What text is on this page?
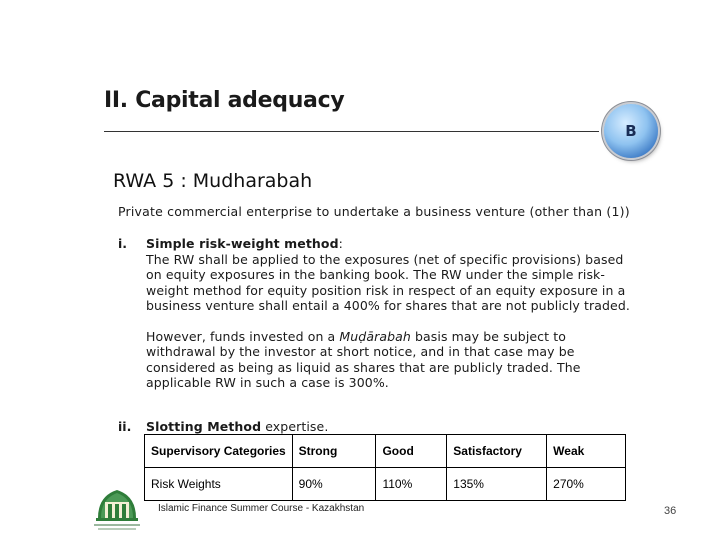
II. Capital adequacy
B
RWA 5 : Mudharabah
Private commercial enterprise to undertake a business venture (other than (1))
i. Simple risk-weight method:
The RW shall be applied to the exposures (net of specific provisions) based on equity exposures in the banking book. The RW under the simple risk-weight method for equity position risk in respect of an equity exposure in a business venture shall entail a 400% for shares that are not publicly traded.
However, funds invested on a Muḍārabah basis may be subject to withdrawal by the investor at short notice, and in that case may be considered as being as liquid as shares that are publicly traded. The applicable RW in such a case is 300%.
ii. Slotting Method expertise.
Supervisory Categories	Strong	Good	Satisfactory	Weak
Risk Weights	90%	110%	135%	270%
Islamic Finance Summer Course - Kazakhstan	36
